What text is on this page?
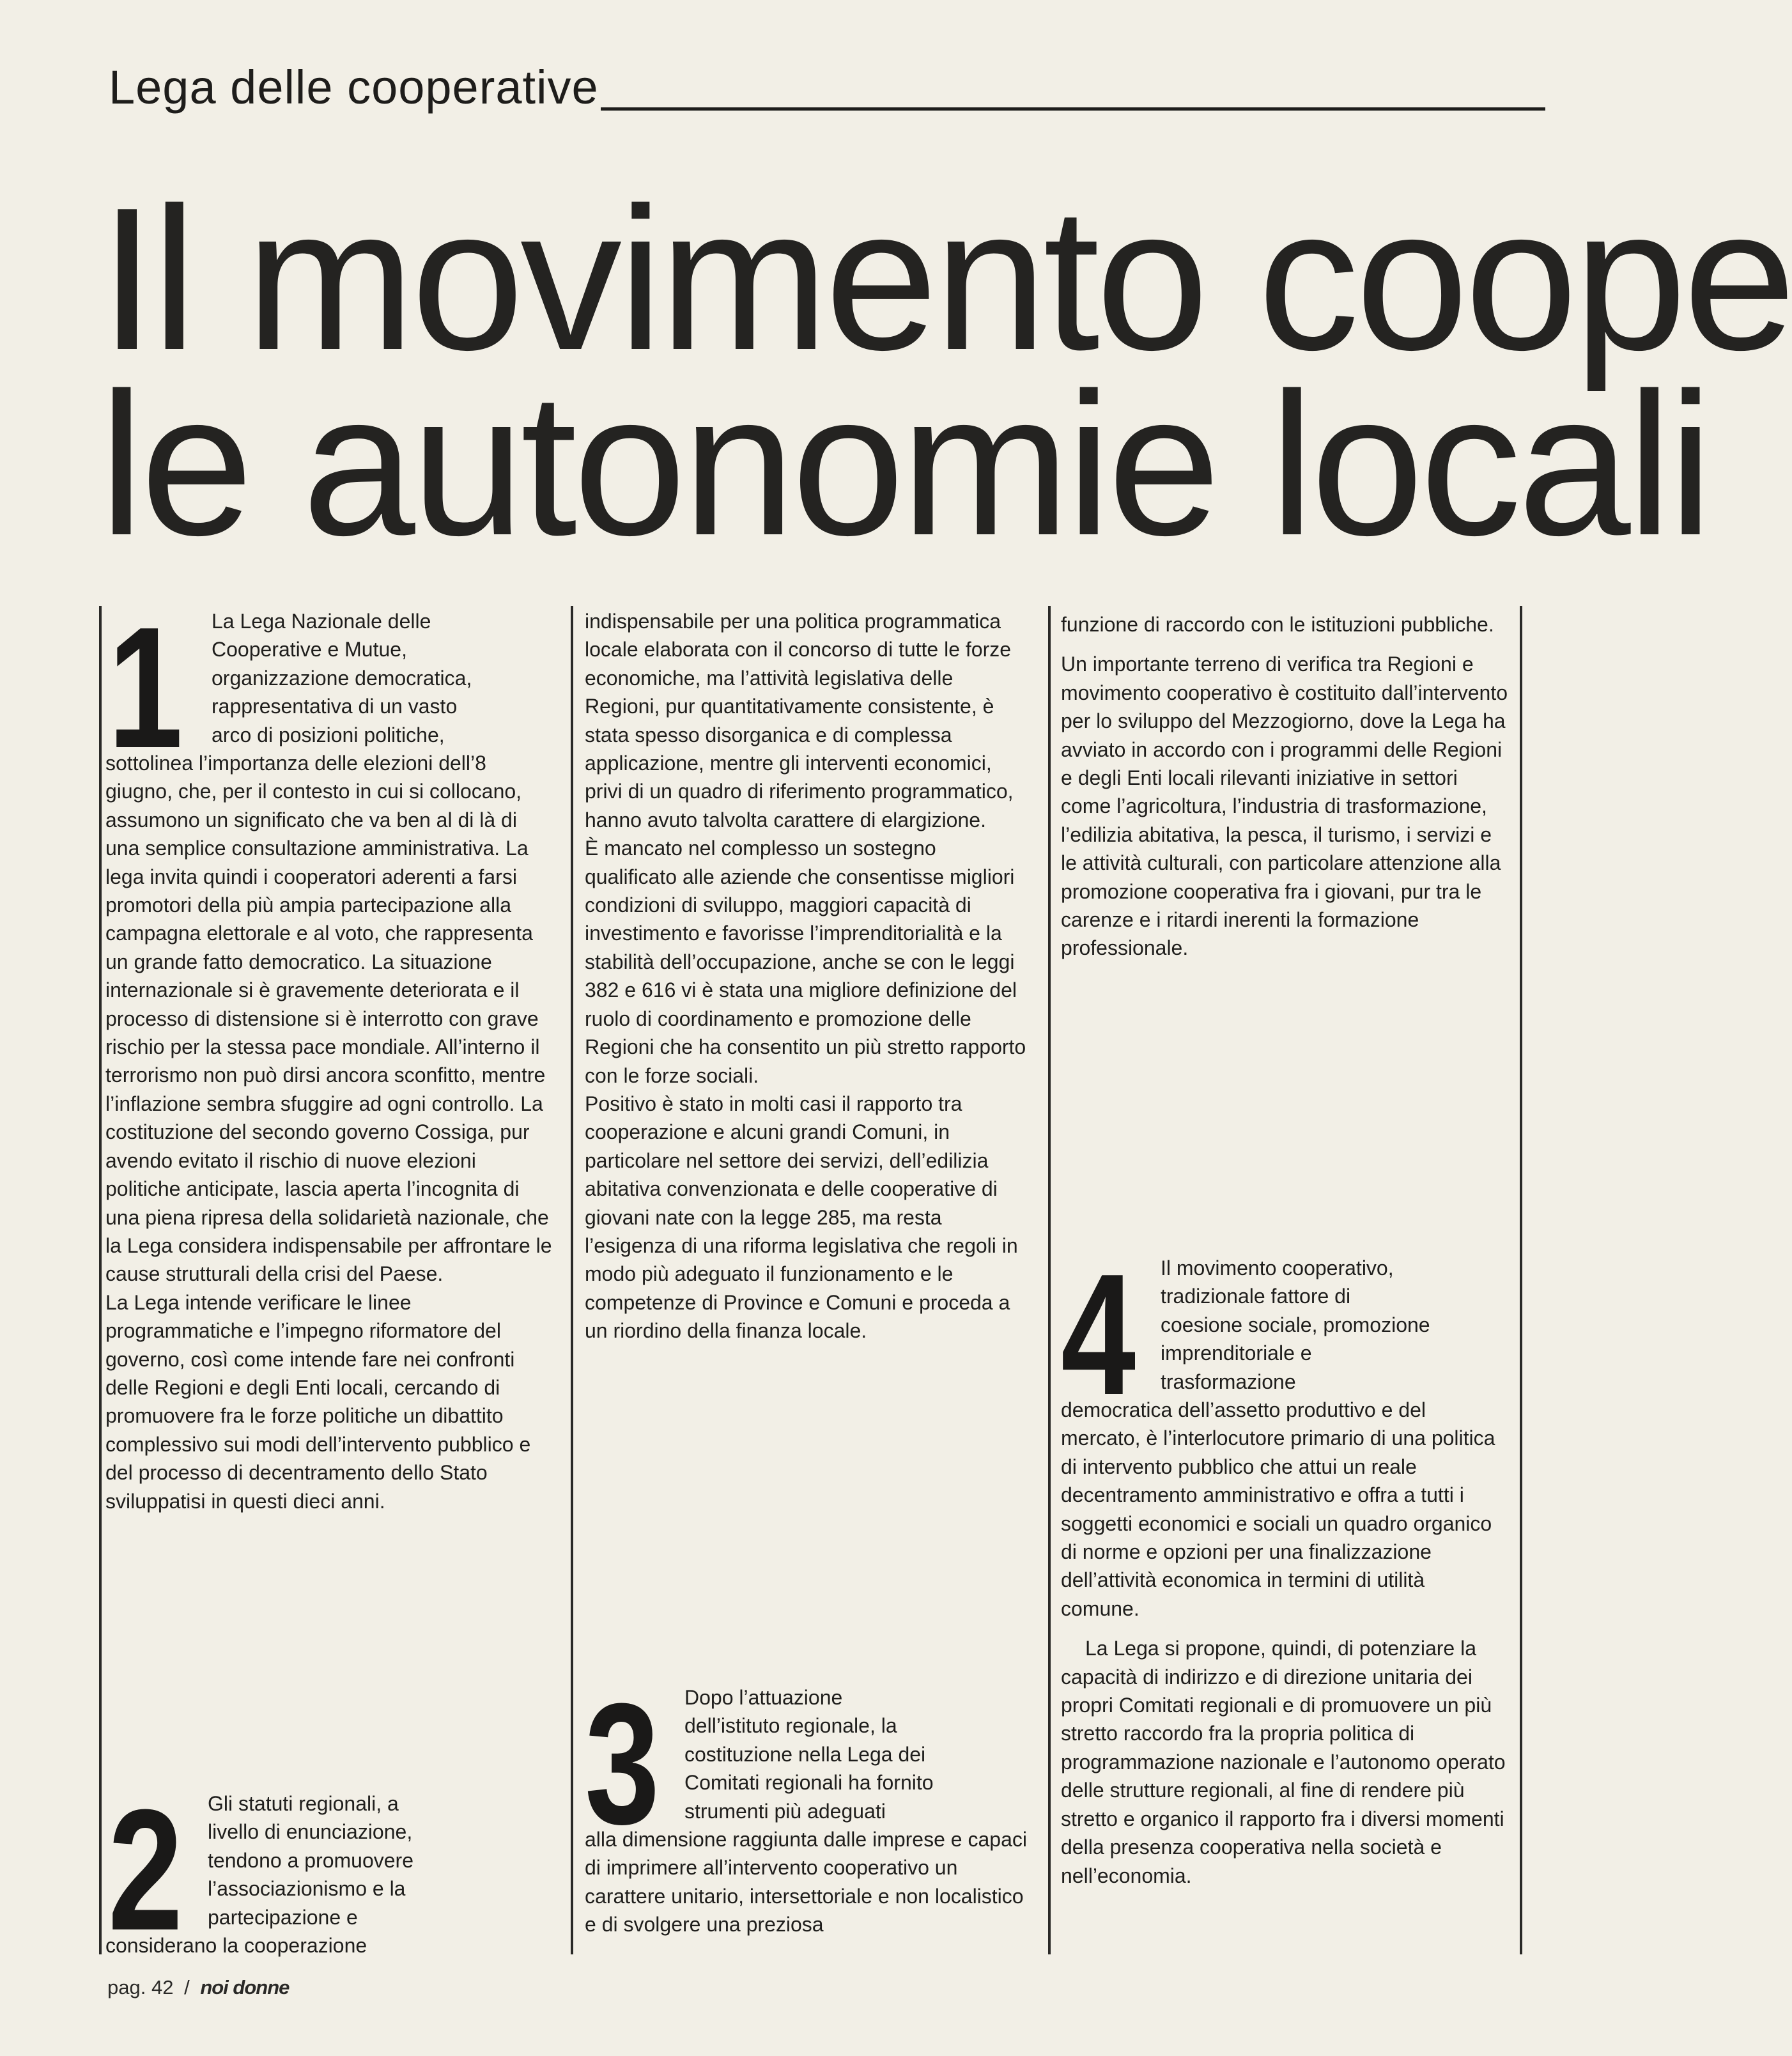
Lega delle cooperative
Il movimento coope
le autonomie locali
1 La Lega Nazionale delle

Cooperative e Mutue,

organizzazione democratica,

rappresentativa di un vasto

arco di posizioni politiche,

sottolinea l’importanza delle elezioni dell’8 giugno, che, per il contesto in cui si collocano, assumono un significato che va ben al di là di una semplice consultazione amministrativa. La lega invita quindi i cooperatori aderenti a farsi promotori della più ampia partecipazione alla campagna elettorale e al voto, che rappresenta un grande fatto democratico. La situazione internazionale si è gravemente deteriorata e il processo di distensione si è interrotto con grave rischio per la stessa pace mondiale. All’interno il terrorismo non può dirsi ancora sconfitto, mentre l’inflazione sembra sfuggire ad ogni controllo. La costituzione del secondo governo Cossiga, pur avendo evitato il rischio di nuove elezioni politiche anticipate, lascia aperta l’incognita di una piena ripresa della solidarietà nazionale, che la Lega considera indispensabile per affrontare le cause strutturali della crisi del Paese.

La Lega intende verificare le linee programmatiche e l’impegno riformatore del governo, così come intende fare nei confronti delle Regioni e degli Enti locali, cercando di promuovere fra le forze politiche un dibattito complessivo sui modi dell’intervento pubblico e del processo di decentramento dello Stato sviluppatisi in questi dieci anni.

2 Gli statuti regionali, a

livello di enunciazione,

tendono a promuovere

l’associazionismo e la

partecipazione e

considerano la cooperazione

indispensabile per una politica programmatica locale elaborata con il concorso di tutte le forze economiche, ma l’attività legislativa delle Regioni, pur quantitativamente consistente, è stata spesso disorganica e di complessa applicazione, mentre gli interventi economici, privi di un quadro di riferimento programmatico, hanno avuto talvolta carattere di elargizione.

È mancato nel complesso un sostegno qualificato alle aziende che consentisse migliori condizioni di sviluppo, maggiori capacità di investimento e favorisse l’imprenditorialità e la stabilità dell’occupazione, anche se con le leggi 382 e 616 vi è stata una migliore definizione del ruolo di coordinamento e promozione delle Regioni che ha consentito un più stretto rapporto con le forze sociali.

Positivo è stato in molti casi il rapporto tra cooperazione e alcuni grandi Comuni, in particolare nel settore dei servizi, dell’edilizia abitativa convenzionata e delle cooperative di giovani nate con la legge 285, ma resta l’esigenza di una riforma legislativa che regoli in modo più adeguato il funzionamento e le competenze di Province e Comuni e proceda a un riordino della finanza locale.

3 Dopo l’attuazione

dell’istituto regionale, la

costituzione nella Lega dei

Comitati regionali ha fornito

strumenti più adeguati

alla dimensione raggiunta dalle imprese e capaci di imprimere all’intervento cooperativo un carattere unitario, intersettoriale e non localistico e di svolgere una preziosa

funzione di raccordo con le istituzioni pubbliche.

Un importante terreno di verifica tra Regioni e movimento cooperativo è costituito dall’intervento per lo sviluppo del Mezzogiorno, dove la Lega ha avviato in accordo con i programmi delle Regioni e degli Enti locali rilevanti iniziative in settori come l’agricoltura, l’industria di trasformazione, l’edilizia abitativa, la pesca, il turismo, i servizi e le attività culturali, con particolare attenzione alla promozione cooperativa fra i giovani, pur tra le carenze e i ritardi inerenti la formazione professionale.

4 Il movimento cooperativo,

tradizionale fattore di

coesione sociale, promozione

imprenditoriale e

trasformazione

democratica dell’assetto produttivo e del mercato, è l’interlocutore primario di una politica di intervento pubblico che attui un reale decentramento amministrativo e offra a tutti i soggetti economici e sociali un quadro organico di norme e opzioni per una finalizzazione dell’attività economica in termini di utilità comune.

La Lega si propone, quindi, di potenziare la capacità di indirizzo e di direzione unitaria dei propri Comitati regionali e di promuovere un più stretto raccordo fra la propria politica di programmazione nazionale e l’autonomo operato delle strutture regionali, al fine di rendere più stretto e organico il rapporto fra i diversi momenti della presenza cooperativa nella società e nell’economia.

pag. 42 / noi donne
